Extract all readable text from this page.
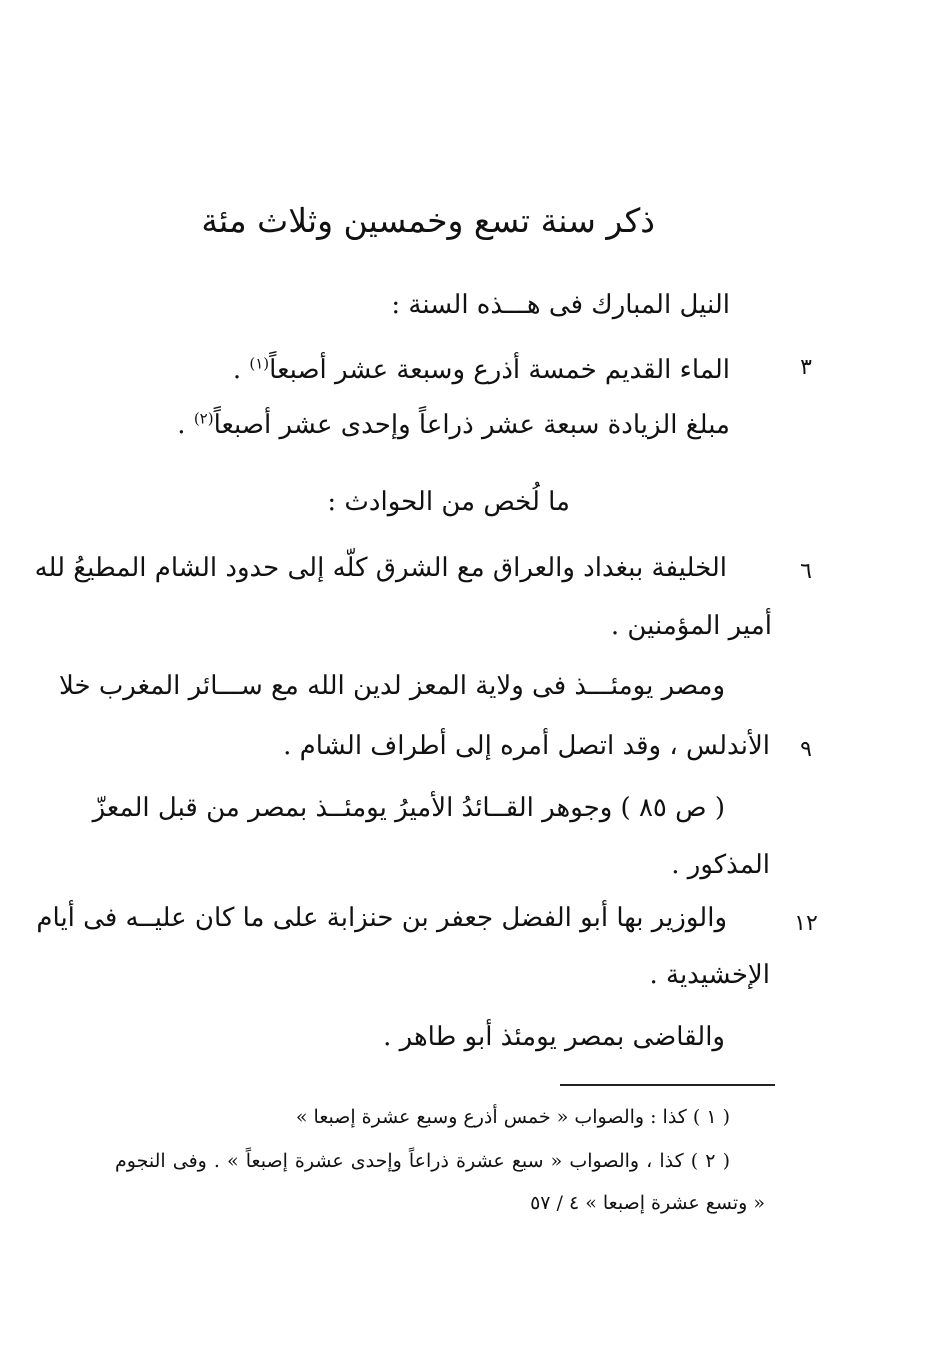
ذكر سنة تسع وخمسين وثلاث مئة
النيل المبارك فى هـــذه السنة :
٣
الماء القديم خمسة أذرع وسبعة عشر أصبعاً$^{(١)}$ .
مبلغ الزيادة سبعة عشر ذراعاً وإحدى عشر أصبعاً$^{(٢)}$ .
ما لُخص من الحوادث :
٦
الخليفة ببغداد والعراق مع الشرق كلّه إلى حدود الشام المطيعُ لله
أمير المؤمنين .
ومصر يومئـــذ فى ولاية المعز لدين الله مع ســـائر المغرب خلا
٩
الأندلس ، وقد اتصل أمره إلى أطراف الشام .
( ص ٨٥ ) وجوهر القــائدُ الأميرُ يومئــذ بمصر من قبل المعزّ
المذكور .
١٢
والوزير بها أبو الفضل جعفر بن حنزابة على ما كان عليــه فى أيام
الإخشيدية .
والقاضى بمصر يومئذ أبو طاهر .
( ١ ) كذا : والصواب « خمس أذرع وسبع عشرة إصبعا »
( ٢ ) كذا ، والصواب « سبع عشرة ذراعاً وإحدى عشرة إصبعاً » . وفى النجوم
« وتسع عشرة إصبعا » ٤ / ٥٧
